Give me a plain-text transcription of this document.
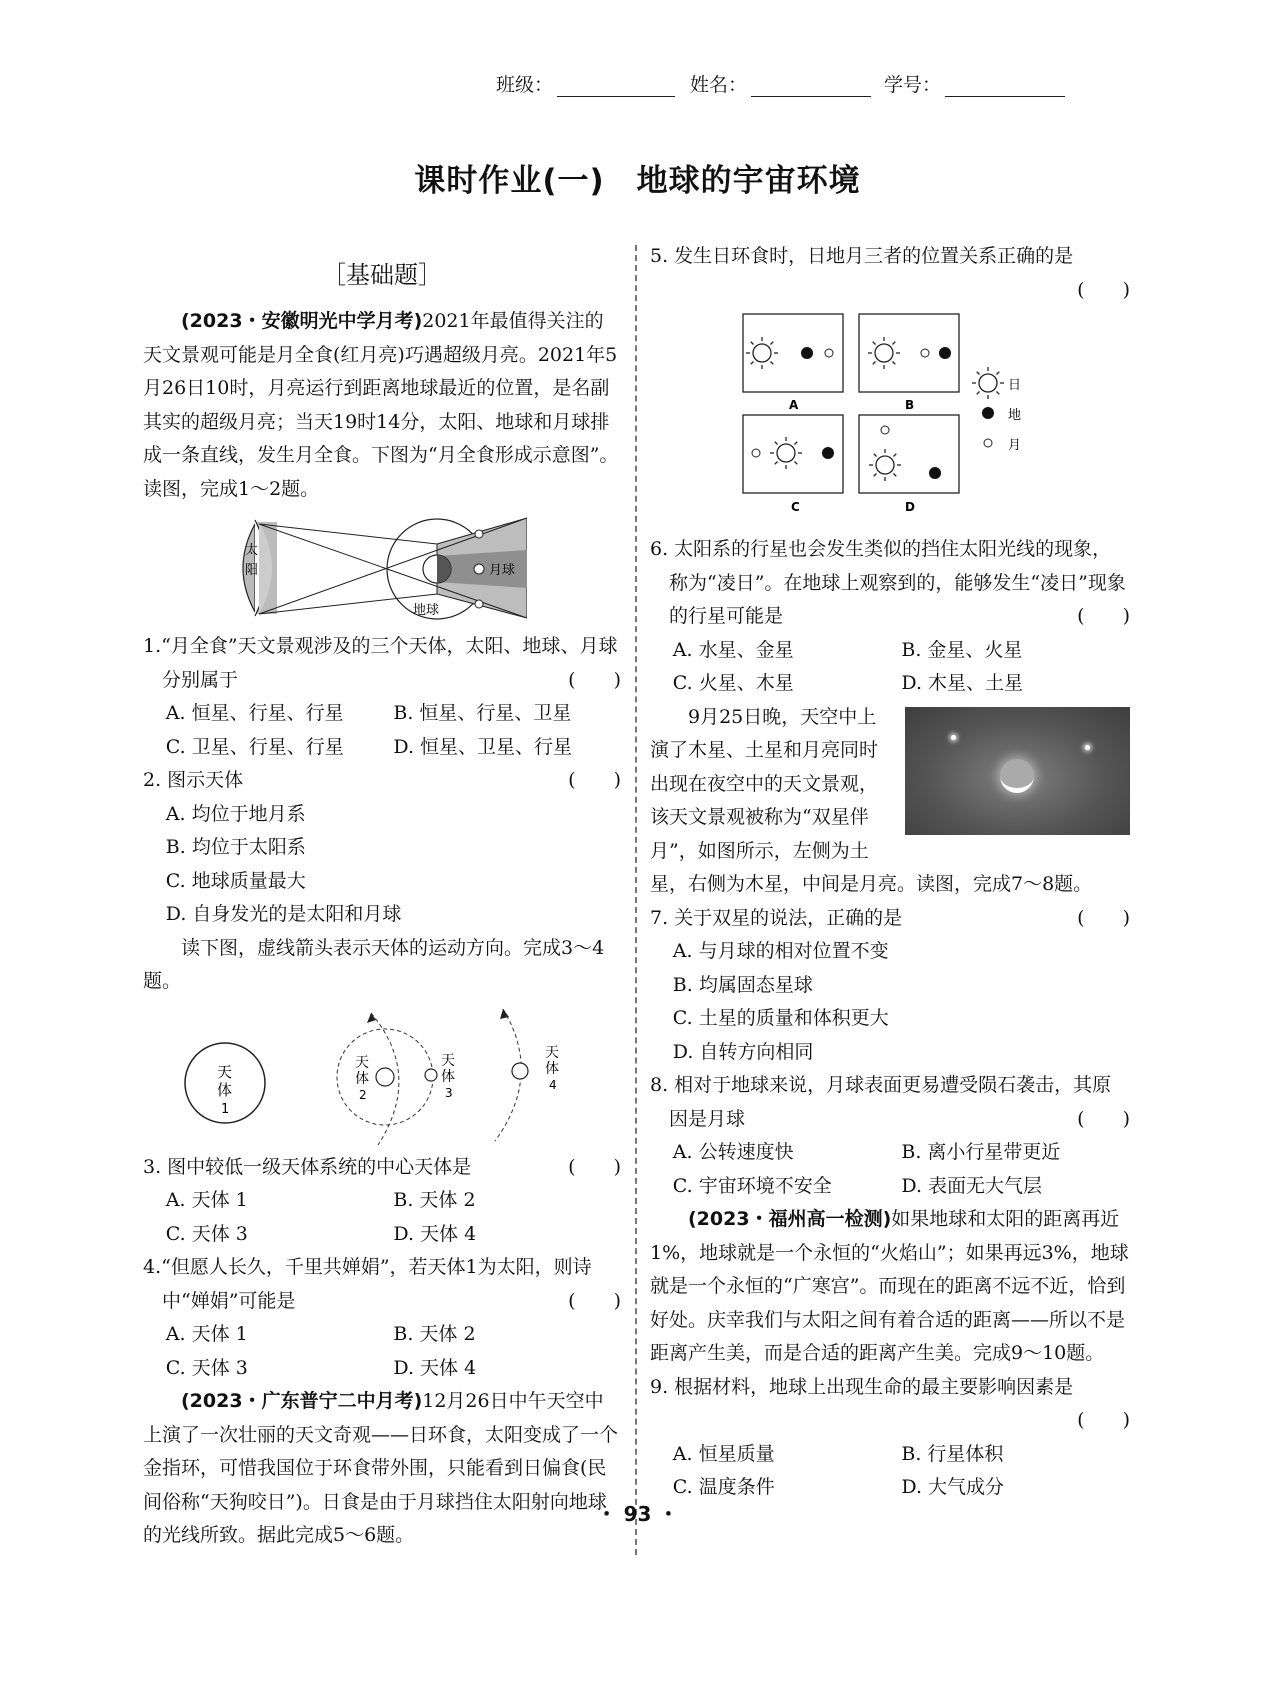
班级：	姓名：	学号：
课时作业(一) 地球的宇宙环境
［基础题］

(2023・安徽明光中学月考)2021年最值得关注的天文景观可能是月全食(红月亮)巧遇超级月亮。2021年5月26日10时，月亮运行到距离地球最近的位置，是名副其实的超级月亮；当天19时14分，太阳、地球和月球排成一条直线，发生月全食。下图为“月全食形成示意图”。读图，完成1～2题。

太
阳
地球
月球

1.“月全食”天文景观涉及的三个天体，太阳、地球、月球分别属于	(　　)

A. 恒星、行星、行星	B. 恒星、行星、卫星
C. 卫星、行星、行星	D. 恒星、卫星、行星

2. 图示天体	(　　)

A. 均位于地月系

B. 均位于太阳系

C. 地球质量最大

D. 自身发光的是太阳和月球

读下图，虚线箭头表示天体的运动方向。完成3～4题。

天
体
1
天
体
2
天
体
3
天
体
4

3. 图中较低一级天体系统的中心天体是	(　　)

A. 天体 1	B. 天体 2
C. 天体 3	D. 天体 4

4.“但愿人长久，千里共婵娟”，若天体1为太阳，则诗中“婵娟”可能是	(　　)

A. 天体 1	B. 天体 2
C. 天体 3	D. 天体 4

(2023・广东普宁二中月考)12月26日中午天空中上演了一次壮丽的天文奇观——日环食，太阳变成了一个金指环，可惜我国位于环食带外围，只能看到日偏食(民间俗称“天狗咬日”)。日食是由于月球挡住太阳射向地球的光线所致。据此完成5～6题。

5. 发生日环食时，日地月三者的位置关系正确的是

(　　)

A	B
C	D
日
地
月

6. 太阳系的行星也会发生类似的挡住太阳光线的现象，称为“凌日”。在地球上观察到的，能够发生“凌日”现象的行星可能是	(　　)

A. 水星、金星	B. 金星、火星
C. 火星、木星	D. 木星、土星

9月25日晚，天空中上演了木星、土星和月亮同时出现在夜空中的天文景观，该天文景观被称为“双星伴月”，如图所示，左侧为土星，右侧为木星，中间是月亮。读图，完成7～8题。

7. 关于双星的说法，正确的是	(　　)

A. 与月球的相对位置不变

B. 均属固态星球

C. 土星的质量和体积更大

D. 自转方向相同

8. 相对于地球来说，月球表面更易遭受陨石袭击，其原因是月球	(　　)

A. 公转速度快	B. 离小行星带更近
C. 宇宙环境不安全	D. 表面无大气层

(2023・福州高一检测)如果地球和太阳的距离再近1%，地球就是一个永恒的“火焰山”；如果再远3%，地球就是一个永恒的“广寒宫”。而现在的距离不远不近，恰到好处。庆幸我们与太阳之间有着合适的距离——所以不是距离产生美，而是合适的距离产生美。完成9～10题。

9. 根据材料，地球上出现生命的最主要影响因素是

(　　)

A. 恒星质量	B. 行星体积
C. 温度条件	D. 大气成分
・ 93 ・
